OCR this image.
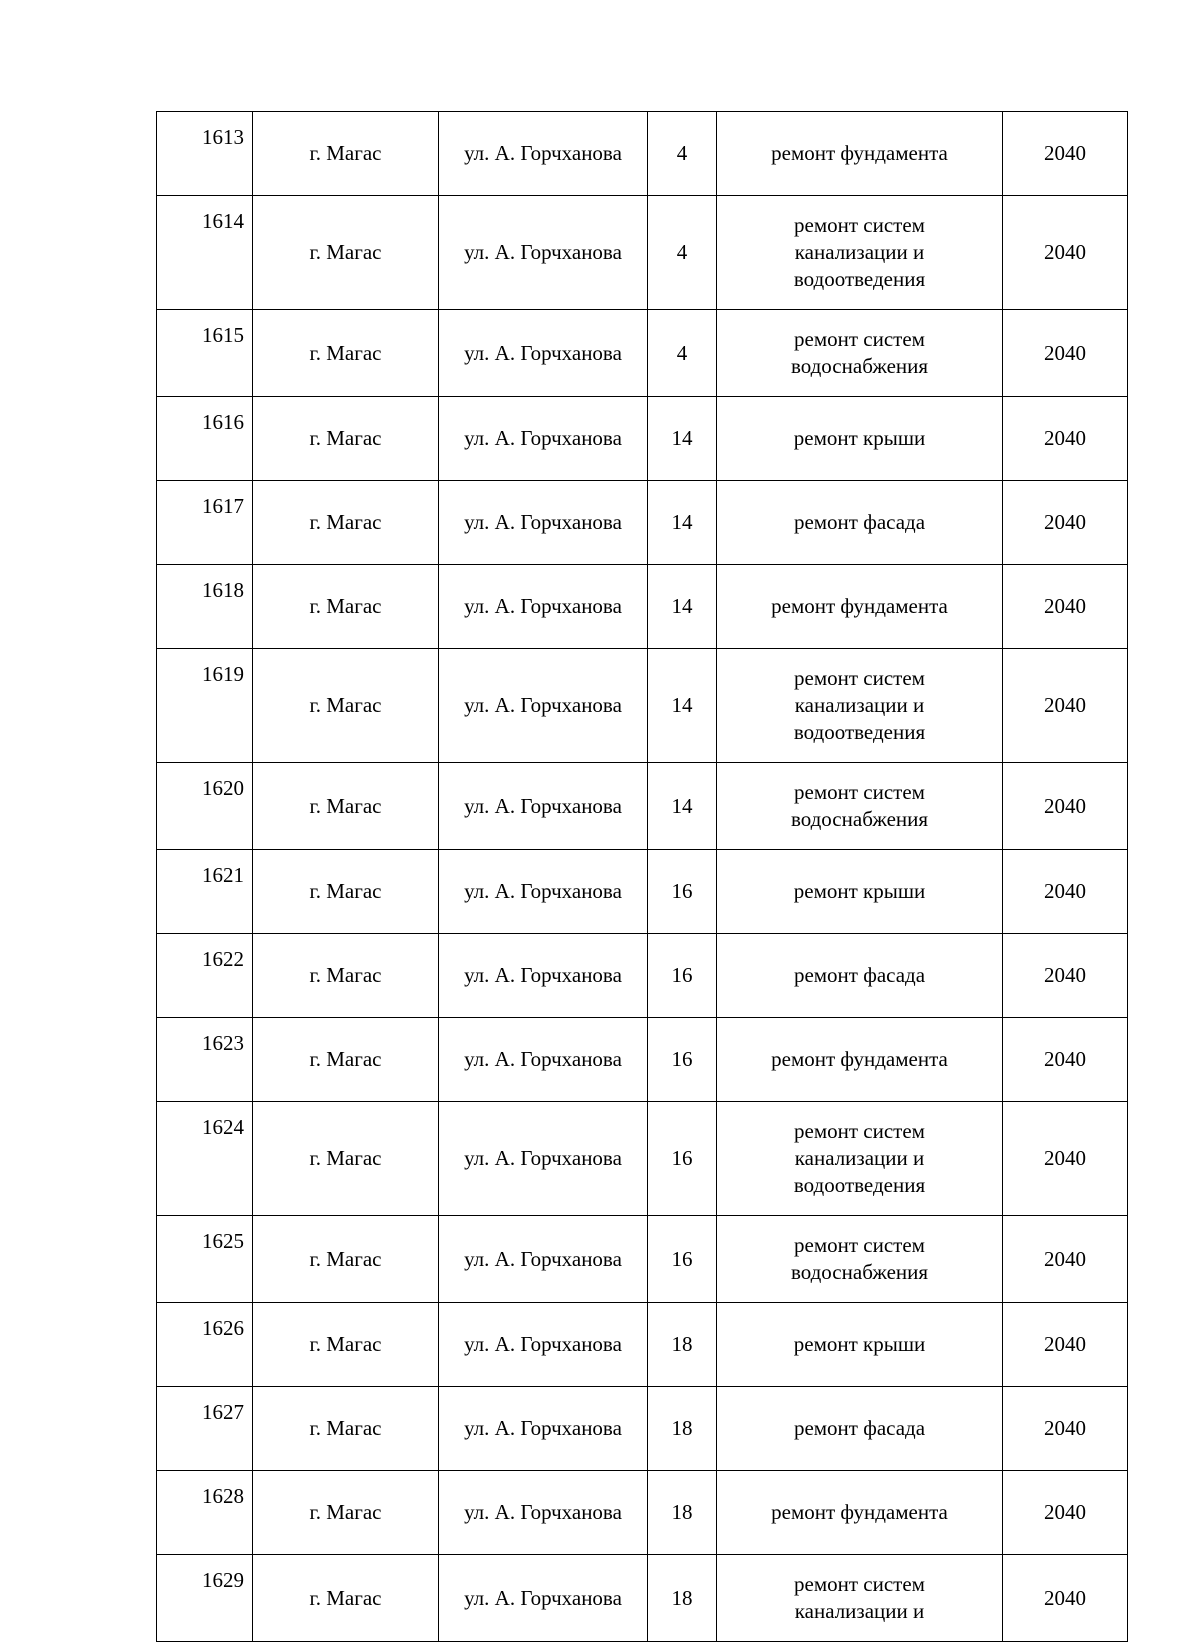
1613	г. Магас	ул. А. Горчханова	4	ремонт фундамента	2040
1614	г. Магас	ул. А. Горчханова	4	ремонт систем
канализации и
водоотведения	2040
1615	г. Магас	ул. А. Горчханова	4	ремонт систем
водоснабжения	2040
1616	г. Магас	ул. А. Горчханова	14	ремонт крыши	2040
1617	г. Магас	ул. А. Горчханова	14	ремонт фасада	2040
1618	г. Магас	ул. А. Горчханова	14	ремонт фундамента	2040
1619	г. Магас	ул. А. Горчханова	14	ремонт систем
канализации и
водоотведения	2040
1620	г. Магас	ул. А. Горчханова	14	ремонт систем
водоснабжения	2040
1621	г. Магас	ул. А. Горчханова	16	ремонт крыши	2040
1622	г. Магас	ул. А. Горчханова	16	ремонт фасада	2040
1623	г. Магас	ул. А. Горчханова	16	ремонт фундамента	2040
1624	г. Магас	ул. А. Горчханова	16	ремонт систем
канализации и
водоотведения	2040
1625	г. Магас	ул. А. Горчханова	16	ремонт систем
водоснабжения	2040
1626	г. Магас	ул. А. Горчханова	18	ремонт крыши	2040
1627	г. Магас	ул. А. Горчханова	18	ремонт фасада	2040
1628	г. Магас	ул. А. Горчханова	18	ремонт фундамента	2040
1629	г. Магас	ул. А. Горчханова	18	ремонт систем
канализации и	2040
